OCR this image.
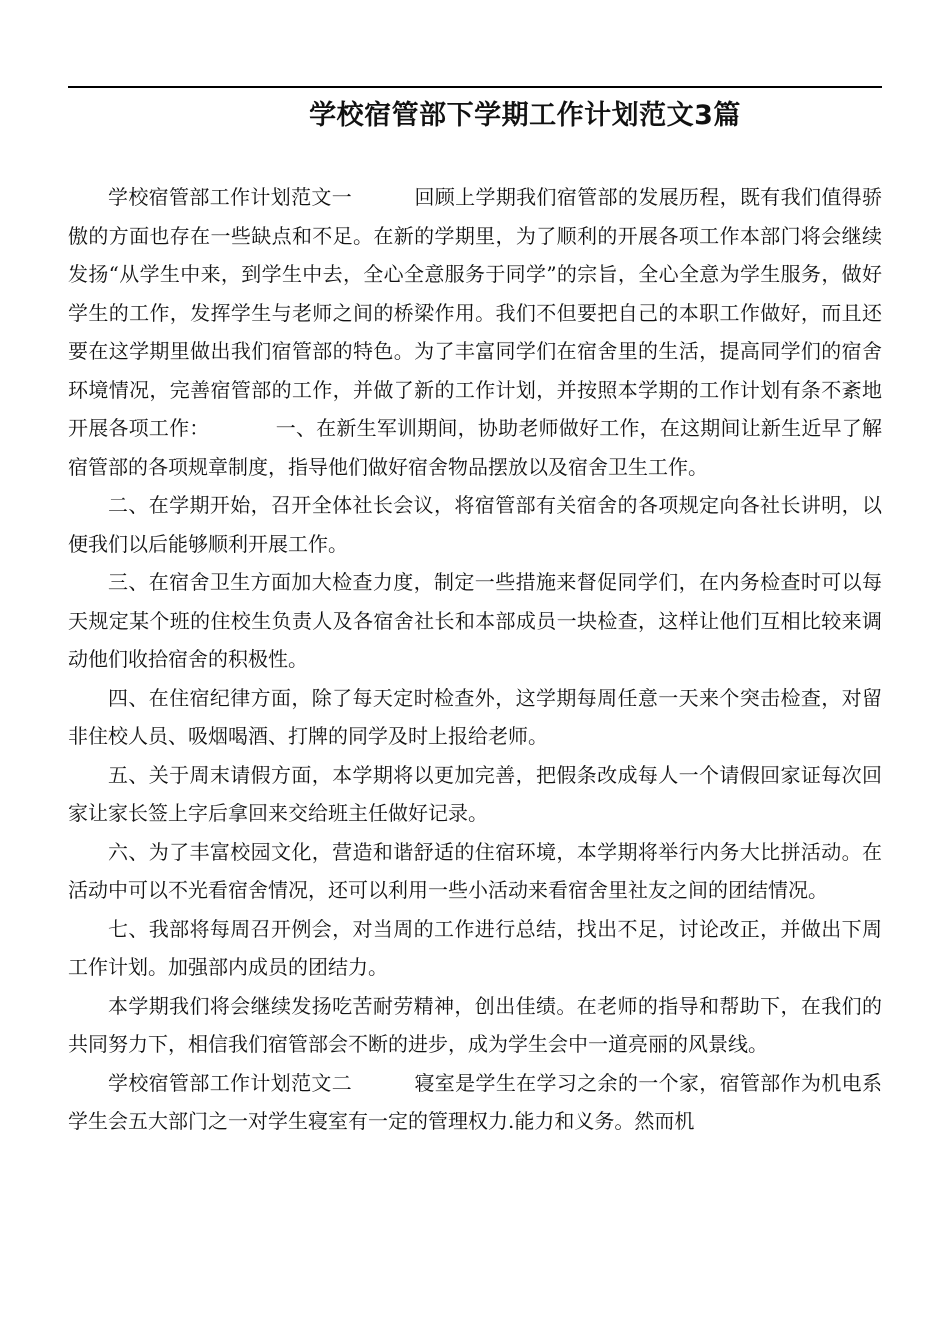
学校宿管部下学期工作计划范文3篇

学校宿管部工作计划范文一	回顾上学期我们宿管部的发展历程，既有我们值得骄傲的方面也存在一些缺点和不足。在新的学期里，为了顺利的开展各项工作本部门将会继续发扬“从学生中来，到学生中去，全心全意服务于同学”的宗旨，全心全意为学生服务，做好学生的工作，发挥学生与老师之间的桥梁作用。我们不但要把自己的本职工作做好，而且还要在这学期里做出我们宿管部的特色。为了丰富同学们在宿舍里的生活，提高同学们的宿舍环境情况，完善宿管部的工作，并做了新的工作计划，并按照本学期的工作计划有条不紊地开展各项工作：	一、在新生军训期间，协助老师做好工作，在这期间让新生近早了解宿管部的各项规章制度，指导他们做好宿舍物品摆放以及宿舍卫生工作。

二、在学期开始，召开全体社长会议，将宿管部有关宿舍的各项规定向各社长讲明，以便我们以后能够顺利开展工作。

三、在宿舍卫生方面加大检查力度，制定一些措施来督促同学们，在内务检查时可以每天规定某个班的住校生负责人及各宿舍社长和本部成员一块检查，这样让他们互相比较来调动他们收拾宿舍的积极性。

四、在住宿纪律方面，除了每天定时检查外，这学期每周任意一天来个突击检查，对留非住校人员、吸烟喝酒、打牌的同学及时上报给老师。

五、关于周末请假方面，本学期将以更加完善，把假条改成每人一个请假回家证每次回家让家长签上字后拿回来交给班主任做好记录。

六、为了丰富校园文化，营造和谐舒适的住宿环境，本学期将举行内务大比拼活动。在活动中可以不光看宿舍情况，还可以利用一些小活动来看宿舍里社友之间的团结情况。

七、我部将每周召开例会，对当周的工作进行总结，找出不足，讨论改正，并做出下周工作计划。加强部内成员的团结力。

本学期我们将会继续发扬吃苦耐劳精神，创出佳绩。在老师的指导和帮助下，在我们的共同努力下，相信我们宿管部会不断的进步，成为学生会中一道亮丽的风景线。

学校宿管部工作计划范文二	寝室是学生在学习之余的一个家，宿管部作为机电系学生会五大部门之一对学生寝室有一定的管理权力.能力和义务。然而机
